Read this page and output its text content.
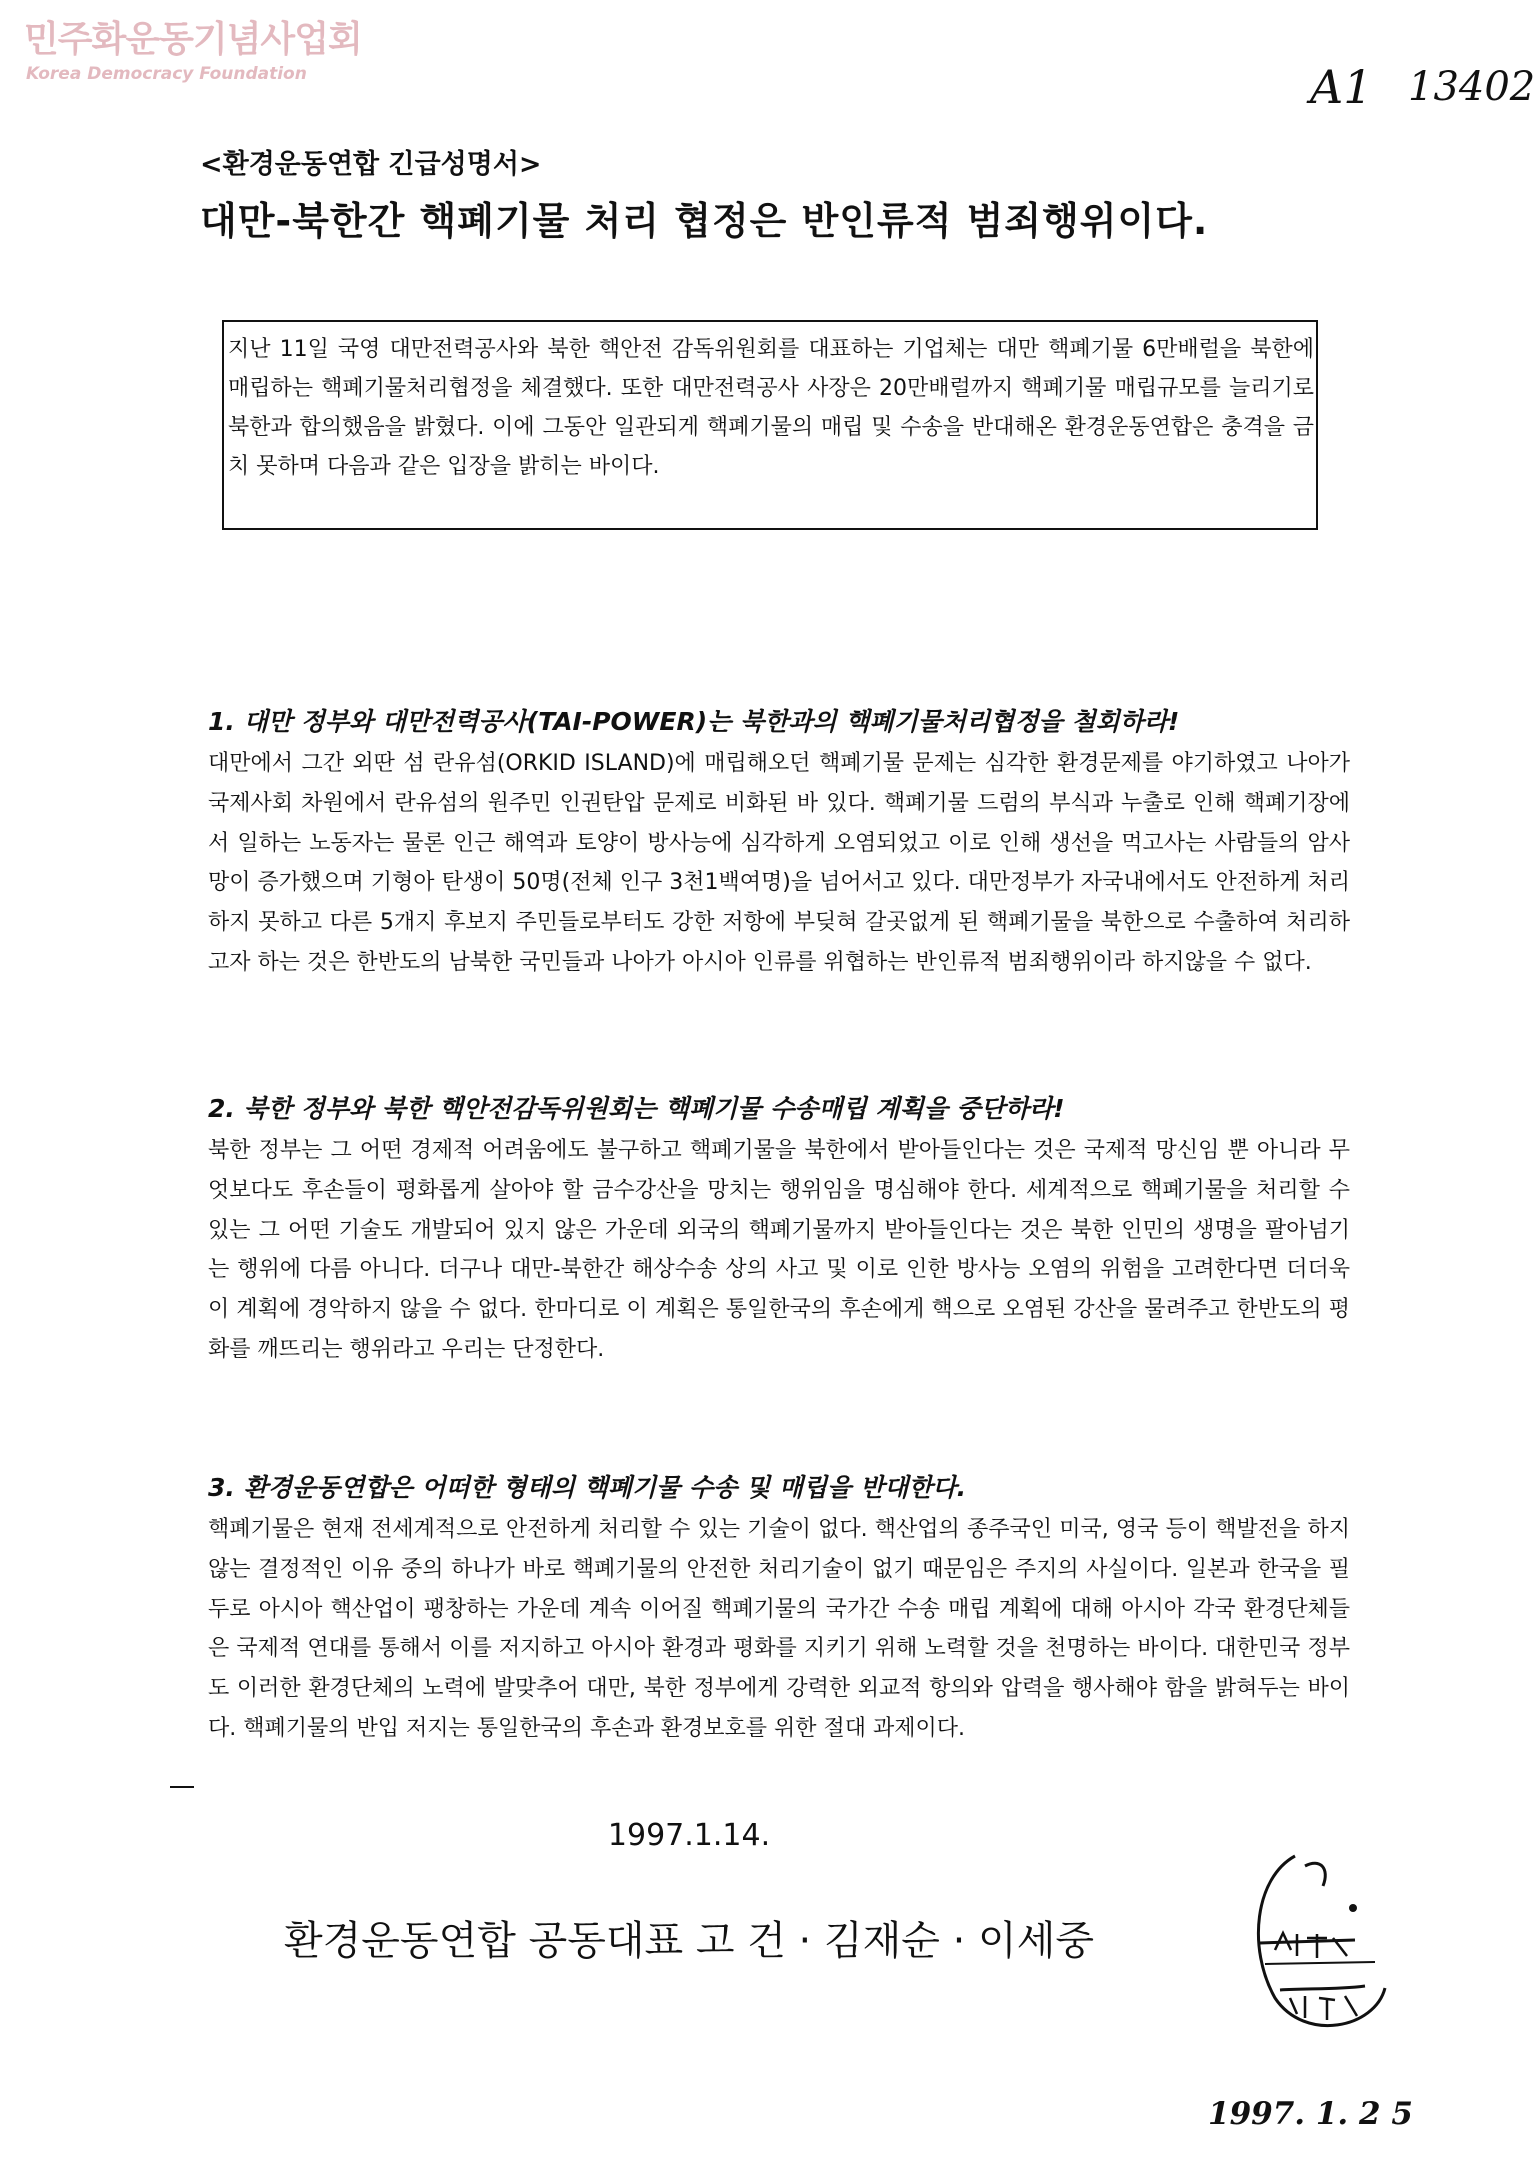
민주화운동기념사업회
Korea Democracy Foundation	A1 13402
<환경운동연합 긴급성명서>
대만-북한간 핵폐기물 처리 협정은 반인류적 범죄행위이다.
지난 11일 국영 대만전력공사와 북한 핵안전 감독위원회를 대표하는 기업체는 대만 핵폐기물 6만배럴을 북한에 매립하는 핵폐기물처리협정을 체결했다. 또한 대만전력공사 사장은 20만배럴까지 핵폐기물 매립규모를 늘리기로 북한과 합의했음을 밝혔다. 이에 그동안 일관되게 핵폐기물의 매립 및 수송을 반대해온 환경운동연합은 충격을 금치 못하며 다음과 같은 입장을 밝히는 바이다.
1. 대만 정부와 대만전력공사(TAI-POWER)는 북한과의 핵폐기물처리협정을 철회하라!
대만에서 그간 외딴 섬 란유섬(ORKID ISLAND)에 매립해오던 핵폐기물 문제는 심각한 환경문제를 야기하였고 나아가 국제사회 차원에서 란유섬의 원주민 인권탄압 문제로 비화된 바 있다. 핵폐기물 드럼의 부식과 누출로 인해 핵폐기장에서 일하는 노동자는 물론 인근 해역과 토양이 방사능에 심각하게 오염되었고 이로 인해 생선을 먹고사는 사람들의 암사망이 증가했으며 기형아 탄생이 50명(전체 인구 3천1백여명)을 넘어서고 있다. 대만정부가 자국내에서도 안전하게 처리하지 못하고 다른 5개지 후보지 주민들로부터도 강한 저항에 부딪혀 갈곳없게 된 핵폐기물을 북한으로 수출하여 처리하고자 하는 것은 한반도의 남북한 국민들과 나아가 아시아 인류를 위협하는 반인류적 범죄행위이라 하지않을 수 없다.
2. 북한 정부와 북한 핵안전감독위원회는 핵폐기물 수송매립 계획을 중단하라!
북한 정부는 그 어떤 경제적 어려움에도 불구하고 핵폐기물을 북한에서 받아들인다는 것은 국제적 망신임 뿐 아니라 무엇보다도 후손들이 평화롭게 살아야 할 금수강산을 망치는 행위임을 명심해야 한다. 세계적으로 핵폐기물을 처리할 수 있는 그 어떤 기술도 개발되어 있지 않은 가운데 외국의 핵폐기물까지 받아들인다는 것은 북한 인민의 생명을 팔아넘기는 행위에 다름 아니다. 더구나 대만-북한간 해상수송 상의 사고 및 이로 인한 방사능 오염의 위험을 고려한다면 더더욱 이 계획에 경악하지 않을 수 없다. 한마디로 이 계획은 통일한국의 후손에게 핵으로 오염된 강산을 물려주고 한반도의 평화를 깨뜨리는 행위라고 우리는 단정한다.
3. 환경운동연합은 어떠한 형태의 핵폐기물 수송 및 매립을 반대한다.
핵폐기물은 현재 전세계적으로 안전하게 처리할 수 있는 기술이 없다. 핵산업의 종주국인 미국, 영국 등이 핵발전을 하지않는 결정적인 이유 중의 하나가 바로 핵폐기물의 안전한 처리기술이 없기 때문임은 주지의 사실이다. 일본과 한국을 필두로 아시아 핵산업이 팽창하는 가운데 계속 이어질 핵폐기물의 국가간 수송 매립 계획에 대해 아시아 각국 환경단체들은 국제적 연대를 통해서 이를 저지하고 아시아 환경과 평화를 지키기 위해 노력할 것을 천명하는 바이다. 대한민국 정부도 이러한 환경단체의 노력에 발맞추어 대만, 북한 정부에게 강력한 외교적 항의와 압력을 행사해야 함을 밝혀두는 바이다. 핵폐기물의 반입 저지는 통일한국의 후손과 환경보호를 위한 절대 과제이다.
1997.1.14.
환경운동연합 공동대표 고 건 · 김재순 · 이세중
1997. 1. 2 5
